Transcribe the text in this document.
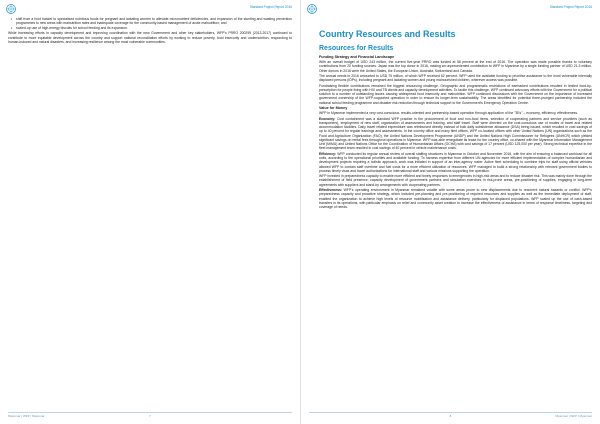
Standard Project Report 2016
• shift from a food basket to specialised nutritious foods for pregnant and lactating women to alleviate micronutrient deficiencies, and expansion of the stunting and wasting prevention programmes to new areas with malnutrition rates and inadequate coverage for the community-based management of acute malnutrition; and
• scaled-up use of high-energy biscuits for school feeding and its expansion.

While increasing efforts in capacity development and improving coordination with the new Government and other key stakeholders, WFP's PRRO 200299 (2013-2017) continued to contribute to more equitable development across the country and support national reconciliation efforts by working to reduce poverty, food insecurity and undernutrition, responding to human-induced and natural disasters, and increasing resilience among the most vulnerable communities.

Myanmar | WFP | Myanmar	7
Standard Project Report 2016
Country Resources and Results
Resources for Results
Funding Strategy and Financial Landscape

With an overall budget of USD 243 million, the current five-year PRRO was funded at 56 percent at the end of 2016. The operation was made possible thanks to voluntary contributions from 20 funding sources. Japan was the top donor in 2016, making an unprecedented contribution to WFP in Myanmar by a single funding partner of USD 21.3 million. Other donors in 2016 were the United States, the European Union, Australia, Switzerland and Canada.

The annual needs in 2016 amounted to USD 75 million, of which WFP received 52 percent. WFP used the available funding to prioritise assistance to the most vulnerable internally displaced persons (IDPs), including pregnant and lactating women and young malnourished children, wherever access was possible.

Fundraising flexible contributions remained the biggest resourcing challenge. Geographic and programmatic restrictions of earmarked contributions resulted in limited food-by-prescription for people living with HIV and TB clients and capacity development activities. To tackle this challenge, WFP continued advocacy efforts with the Government for a political solution to a number of outstanding issues causing widespread food insecurity and malnutrition. WFP continued discussions with the Government on the importance of increased government ownership of the WFP-supported operation in order to ensure its longer-term sustainability. The areas identified for potential three-pronged partnership included the national school feeding programme and disaster risk reduction through technical support to the Government's Emergency Operation Centre.

Value for Money

WFP in Myanmar implemented a very cost-conscious, results-oriented and partnership-based operation through application of the "3Es" – economy, efficiency, effectiveness.

Economy: Cost containment was a standard WFP practice in the procurement of food and non-food items, selection of cooperating partners and service providers (such as transporters), employment of new staff, organization of assessments and training, and staff travel. Staff were directed on the cost-conscious use of modes of travel and related accommodation facilities. Daily travel related expenditure was reimbursed directly instead of bulk daily subsistence allowance (DSA) being issued, which resulted in cost savings of up to 40 percent for regular trainings and assessments. In the country office and many filed offices, WFP co-located offices with other United Nations (UN) organizations such as the Food and Agriculture Organization (FAO), the United Nations Development Programme (UNDP) and the United Nations High Commissioner for Refugees (UNHCR) which yielded significant savings on rental fees throughout operations in Myanmar. WFP was able renegotiate its lease for the country office, co-shared with the Myanmar Information Management Unit (MIMU) and United Nations Office for the Coordination of Humanitarian Affairs (OCHA) with cost savings of 17 percent (USD 125,000 per year). Strong technical expertise in the fleet management team resulted in cost savings of 40 percent in vehicle maintenance costs.

Efficiency: WFP conducted its regular annual review of overall staffing structures in Myanmar in October and November 2016, with the aim of ensuring a balanced workload for all units, according to the operational priorities and available funding. To harness expertise from different UN agencies for more efficient implementation of complex humanitarian and development projects requiring a holistic approach, work was initiated in support of an inter-agency roster. Active fleet scheduling to combine trips for staff using official vehicles allowed WFP to contain staff overtime and fuel costs for a more efficient utilization of resources. WFP managed to build a strong relationship with relevant government bodies to process timely visas and travel authorizations for international staff and various missions supporting the operation.

WFP invested in preparedness capacity to enable more efficient and timely responses to emergencies in high-risk areas and to reduce disaster risk. This was mainly done through the establishment of field presence, capacity development of government partners and simulation exercises in risk-prone areas, pre-positioning of supplies, engaging in long-term agreements with suppliers and stand-by arrangements with cooperating partners.

Effectiveness: WFP's operating environment in Myanmar remained volatile with some areas prone to new displacements due to recurrent natural hazards or conflict. WFP's preparedness capacity and proactive strategy, which included pre-planning and pre-positioning of required resources and supplies as well as the immediate deployment of staff, enabled the organization to achieve high levels of resource mobilisation and assistance delivery, particularly for displaced populations. WFP scaled up the use of cash-based transfers in its operations, with particular emphasis on relief and community asset creation to increase the effectiveness of assistance in terms of response timeliness, targeting and coverage of needs.

8	Myanmar | WFP | Myanmar
